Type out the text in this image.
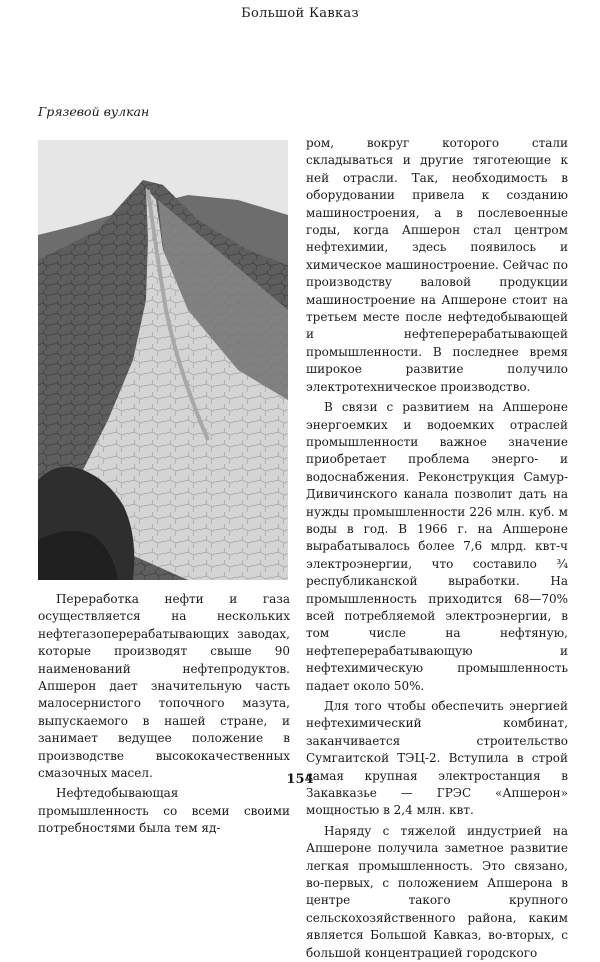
Большой Кавказ
Грязевой вулкан

Переработка нефти и газа осуществляется на нескольких нефтегазоперерабатывающих заводах, которые производят свыше 90 наименований нефтепродуктов. Апшерон дает значительную часть малосернистого топочного мазута, выпускаемого в нашей стране, и занимает ведущее положение в производстве высококачественных смазочных масел.

Нефтедобывающая промышленность со всеми своими потребностями была тем яд-

ром, вокруг которого стали складываться и другие тяготеющие к ней отрасли. Так, необходимость в оборудовании привела к созданию машиностроения, а в послевоенные годы, когда Апшерон стал центром нефтехимии, здесь появилось и химическое машиностроение. Сейчас по производству валовой продукции машиностроение на Апшероне стоит на третьем месте после нефтедобывающей и нефтеперерабатывающей промышленности. В последнее время широкое развитие получило электротехническое производство.

В связи с развитием на Апшероне энергоемких и водоемких отраслей промышленности важное значение приобретает проблема энерго- и водоснабжения. Реконструкция Самур-Дивичинского канала позволит дать на нужды промышленности 226 млн. куб. м воды в год. В 1966 г. на Апшероне вырабатывалось более 7,6 млрд. квт-ч электроэнергии, что составило ¾ республиканской выработки. На промышленность приходится 68—70% всей потребляемой электроэнергии, в том числе на нефтяную, нефтеперерабатывающую и нефтехимическую промышленность падает около 50%.

Для того чтобы обеспечить энергией нефтехимический комбинат, заканчивается строительство Сумгаитской ТЭЦ-2. Вступила в строй самая крупная электростанция в Закавказье — ГРЭС «Апшерон» мощностью в 2,4 млн. квт.

Наряду с тяжелой индустрией на Апшероне получила заметное развитие легкая промышленность. Это связано, во-первых, с положением Апшерона в центре такого крупного сельскохозяйственного района, каким является Большой Кавказ, во-вторых, с большой концентрацией городского

154
